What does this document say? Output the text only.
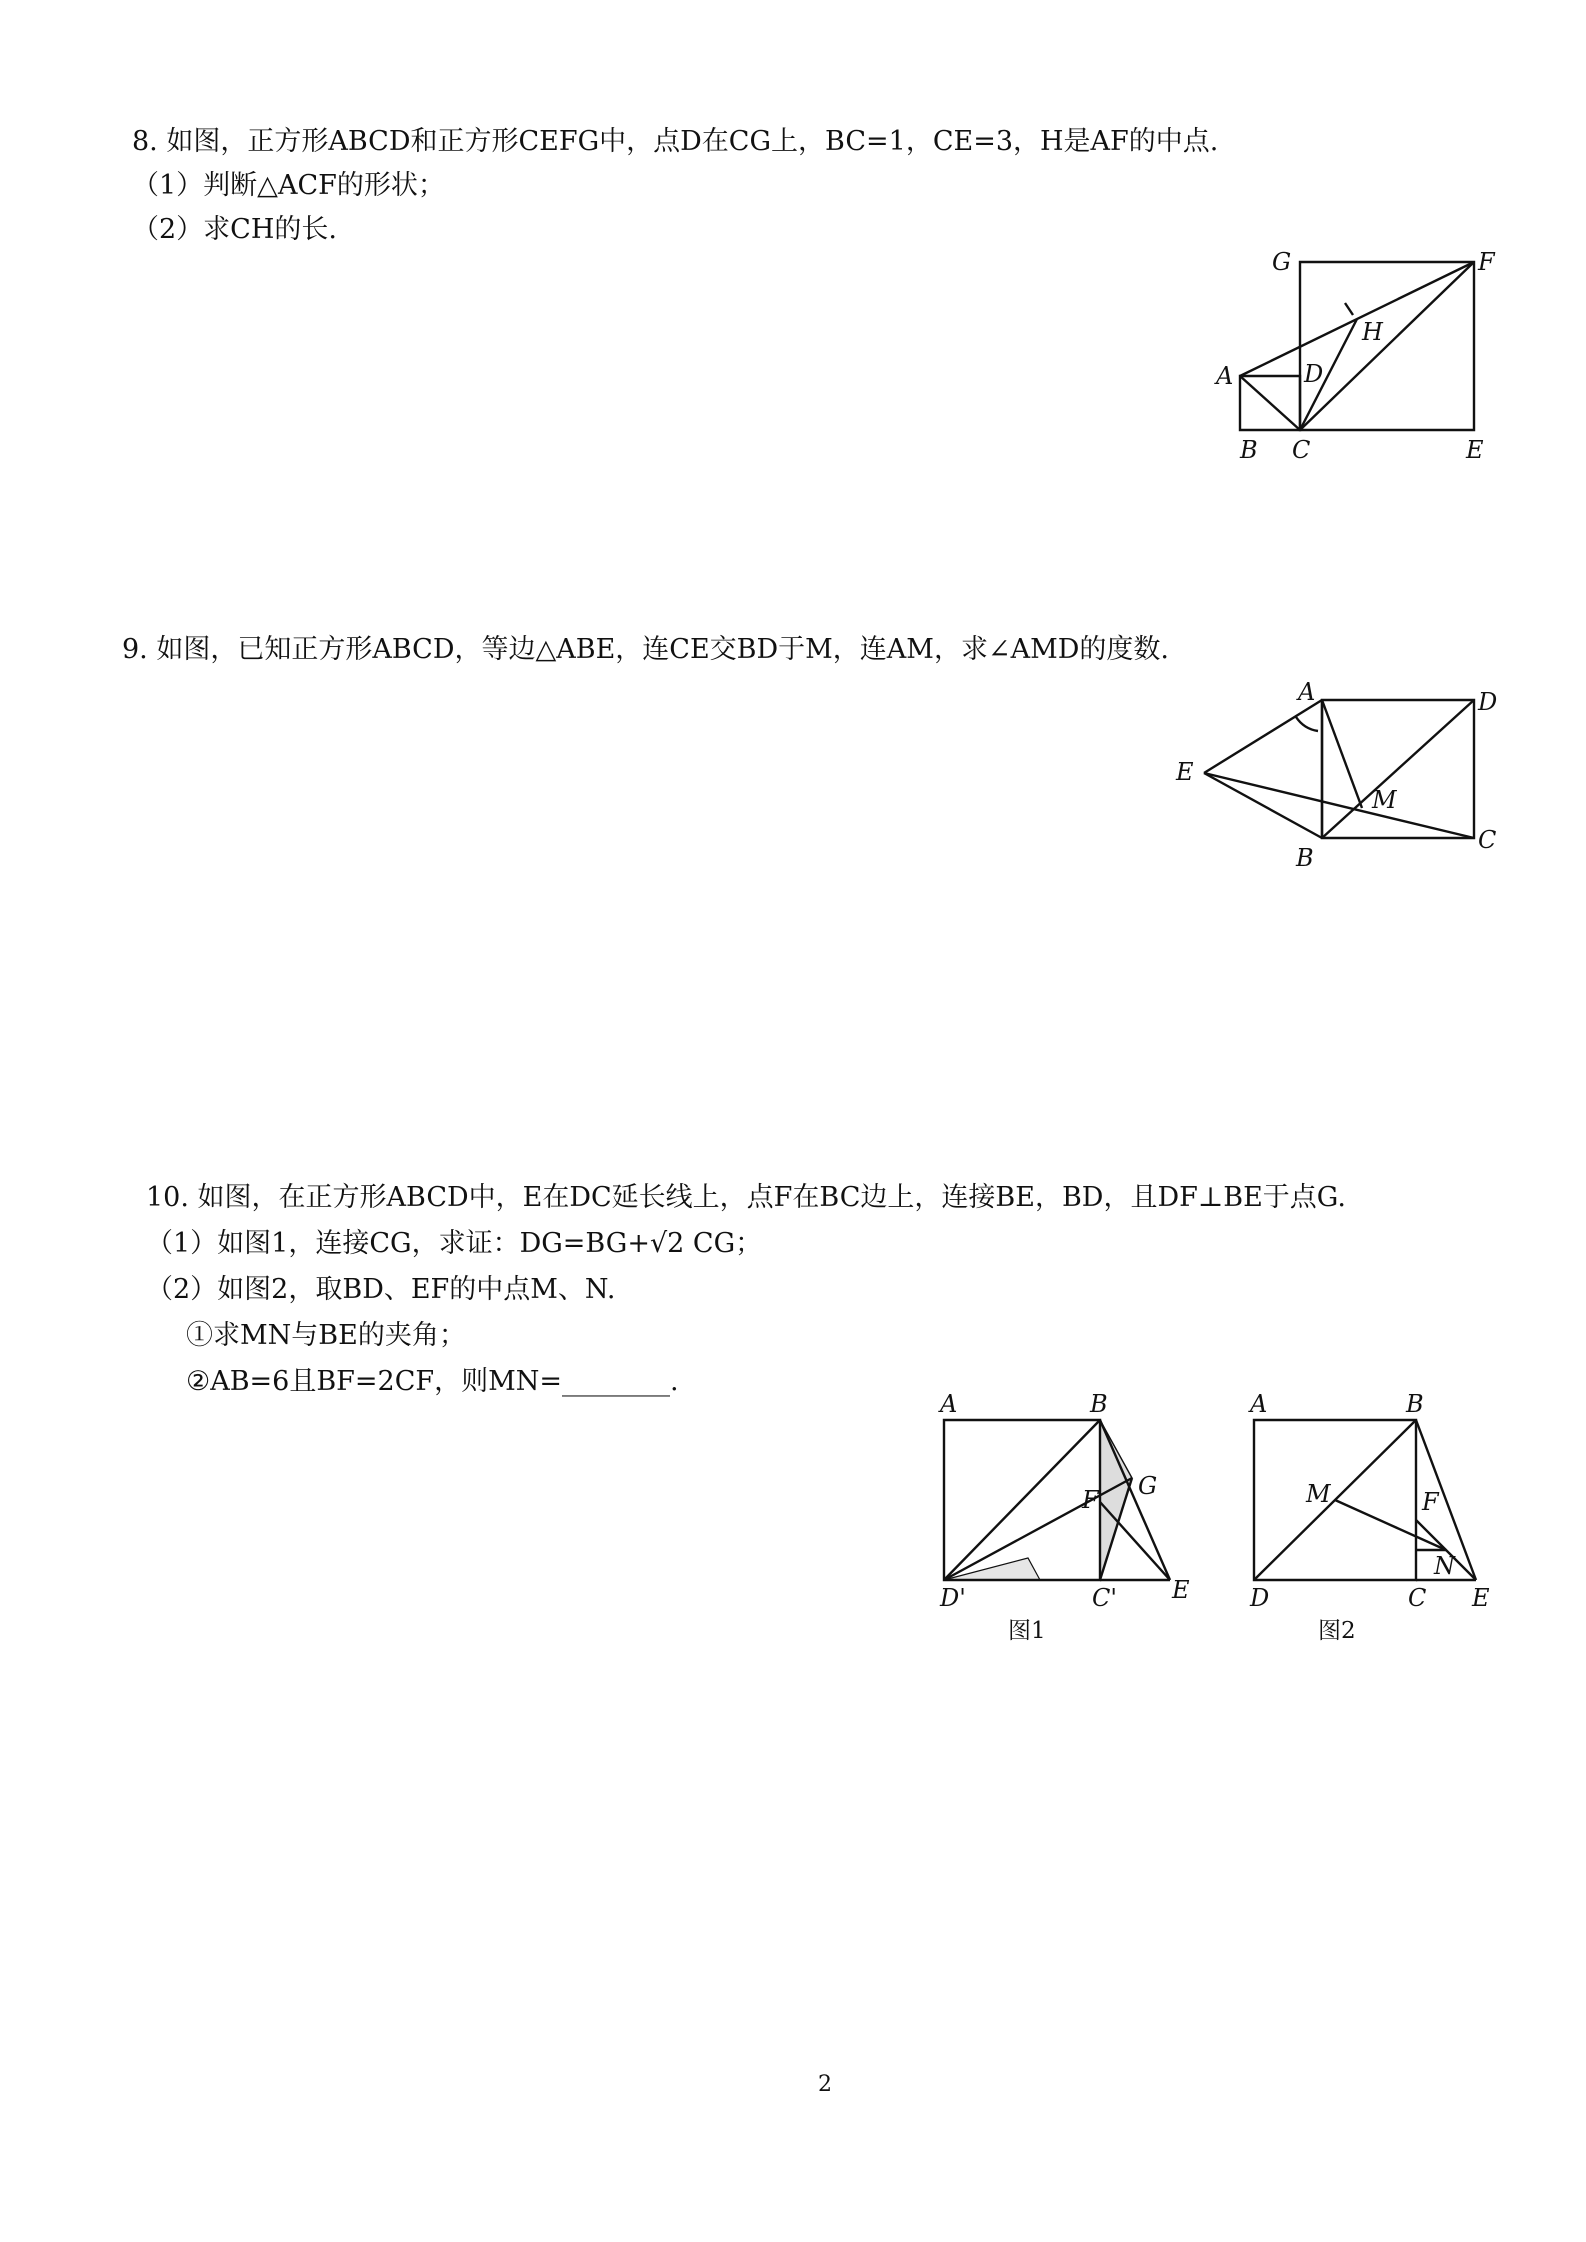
8. 如图，正方形ABCD和正方形CEFG中，点D在CG上，BC=1，CE=3，H是AF的中点.
（1）判断△ACF的形状；
（2）求CH的长.
G	F
H
A	D
B C	E
9. 如图，已知正方形ABCD，等边△ABE，连CE交BD于M，连AM，求∠AMD的度数.
A	D
E
M
B
C
10. 如图，在正方形ABCD中，E在DC延长线上，点F在BC边上，连接BE，BD，且DF⊥BE于点G.
（1）如图1，连接CG，求证：DG=BG+√2 CG；
（2）如图2，取BD、EF的中点M、N.
①求MN与BE的夹角；
②AB=6且BF=2CF，则MN=________.
A	B
F G
D'	C' E
图1
A	B
M	F
N
D	C E
图2
2
